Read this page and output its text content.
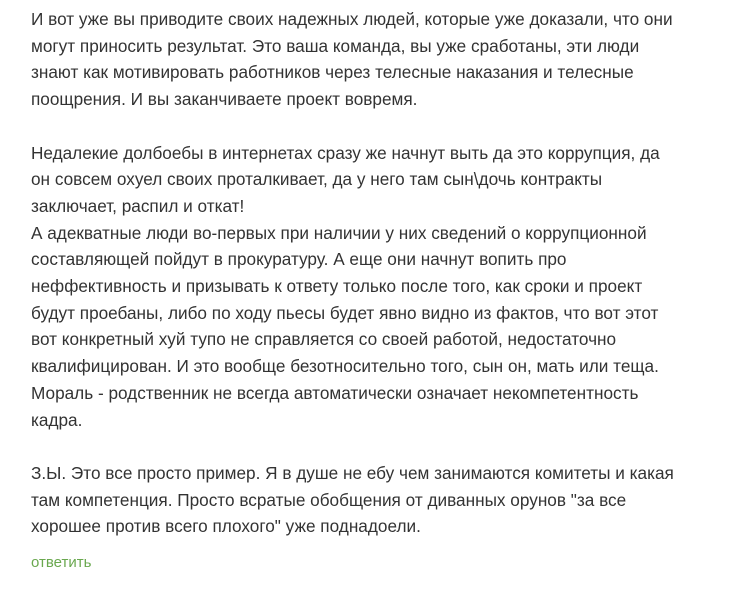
И вот уже вы приводите своих надежных людей, которые уже доказали, что они
могут приносить результат. Это ваша команда, вы уже сработаны, эти люди
знают как мотивировать работников через телесные наказания и телесные
поощрения. И вы заканчиваете проект вовремя.

Недалекие долбоебы в интернетах сразу же начнут выть да это коррупция, да
он совсем охуел своих проталкивает, да у него там сын\дочь контракты
заключает, распил и откат!
А адекватные люди во-первых при наличии у них сведений о коррупционной
составляющей пойдут в прокуратуру. А еще они начнут вопить про
неффективность и призывать к ответу только после того, как сроки и проект
будут проебаны, либо по ходу пьесы будет явно видно из фактов, что вот этот
вот конкретный хуй тупо не справляется со своей работой, недостаточно
квалифицирован. И это вообще безотносительно того, сын он, мать или теща.
Мораль - родственник не всегда автоматически означает некомпетентность
кадра.

З.Ы. Это все просто пример. Я в душе не ебу чем занимаются комитеты и какая
там компетенция. Просто всратые обобщения от диванных орунов "за все
хорошее против всего плохого" уже поднадоели.

ответить
